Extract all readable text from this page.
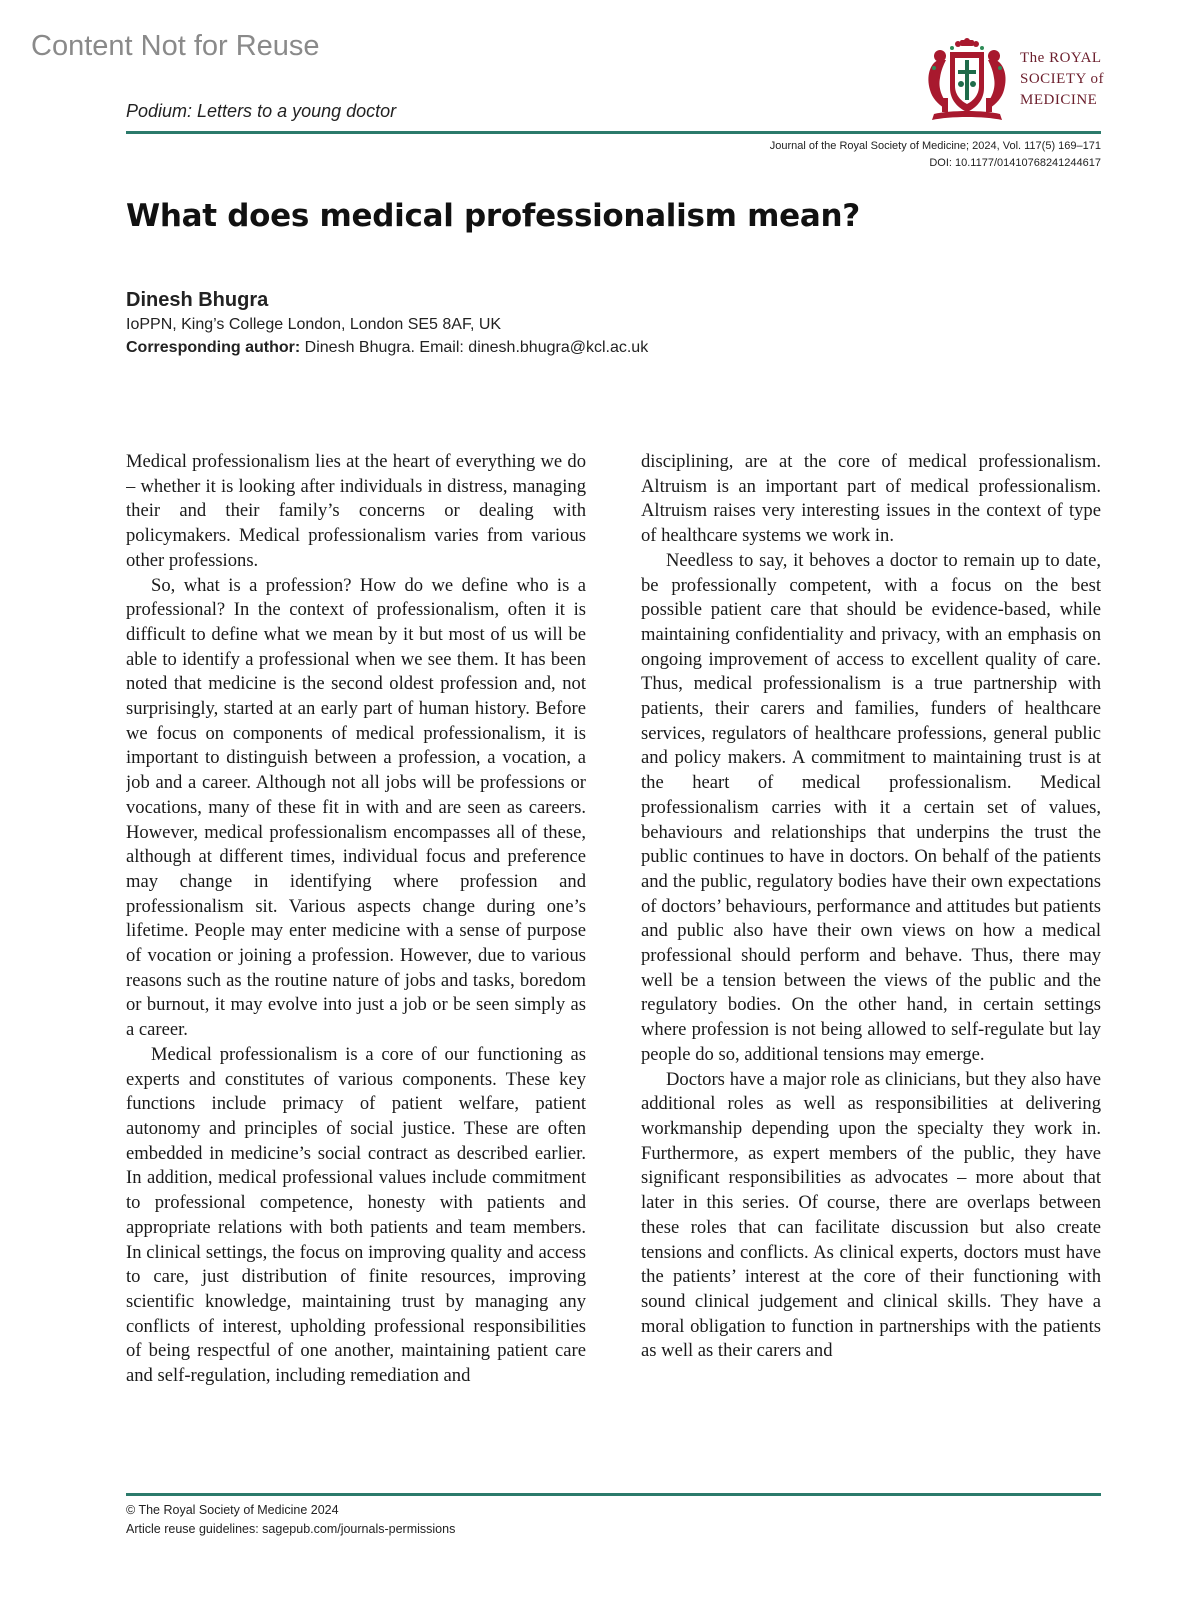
Content Not for Reuse

Podium: Letters to a young doctor
The ROYAL
SOCIETY of
MEDICINE
Journal of the Royal Society of Medicine; 2024, Vol. 117(5) 169–171
DOI: 10.1177/01410768241244617
What does medical professionalism mean?
Dinesh Bhugra
IoPPN, King’s College London, London SE5 8AF, UK
Corresponding author: Dinesh Bhugra. Email: dinesh.bhugra@kcl.ac.uk

Medical professionalism lies at the heart of everything we do – whether it is looking after individuals in distress, managing their and their family’s concerns or dealing with policymakers. Medical professionalism varies from various other professions.

So, what is a profession? How do we define who is a professional? In the context of professionalism, often it is difficult to define what we mean by it but most of us will be able to identify a professional when we see them. It has been noted that medicine is the second oldest profession and, not surprisingly, started at an early part of human history. Before we focus on components of medical professionalism, it is important to distinguish between a profession, a vocation, a job and a career. Although not all jobs will be professions or vocations, many of these fit in with and are seen as careers. However, medical professionalism encompasses all of these, although at different times, individual focus and preference may change in identifying where profession and professionalism sit. Various aspects change during one’s lifetime. People may enter medicine with a sense of purpose of vocation or joining a profession. However, due to various reasons such as the routine nature of jobs and tasks, boredom or burnout, it may evolve into just a job or be seen simply as a career.

Medical professionalism is a core of our functioning as experts and constitutes of various components. These key functions include primacy of patient welfare, patient autonomy and principles of social justice. These are often embedded in medicine’s social contract as described earlier. In addition, medical professional values include commitment to professional competence, honesty with patients and appropriate relations with both patients and team members. In clinical settings, the focus on improving quality and access to care, just distribution of finite resources, improving scientific knowledge, maintaining trust by managing any conflicts of interest, upholding professional responsibilities of being respectful of one another, maintaining patient care and self-regulation, including remediation and

disciplining, are at the core of medical professionalism. Altruism is an important part of medical professionalism. Altruism raises very interesting issues in the context of type of healthcare systems we work in.

Needless to say, it behoves a doctor to remain up to date, be professionally competent, with a focus on the best possible patient care that should be evidence-based, while maintaining confidentiality and privacy, with an emphasis on ongoing improvement of access to excellent quality of care. Thus, medical professionalism is a true partnership with patients, their carers and families, funders of healthcare services, regulators of healthcare professions, general public and policy makers. A commitment to maintaining trust is at the heart of medical professionalism. Medical professionalism carries with it a certain set of values, behaviours and relationships that underpins the trust the public continues to have in doctors. On behalf of the patients and the public, regulatory bodies have their own expectations of doctors’ behaviours, performance and attitudes but patients and public also have their own views on how a medical professional should perform and behave. Thus, there may well be a tension between the views of the public and the regulatory bodies. On the other hand, in certain settings where profession is not being allowed to self-regulate but lay people do so, additional tensions may emerge.

Doctors have a major role as clinicians, but they also have additional roles as well as responsibilities at delivering workmanship depending upon the specialty they work in. Furthermore, as expert members of the public, they have significant responsibilities as advocates – more about that later in this series. Of course, there are overlaps between these roles that can facilitate discussion but also create tensions and conflicts. As clinical experts, doctors must have the patients’ interest at the core of their functioning with sound clinical judgement and clinical skills. They have a moral obligation to function in partnerships with the patients as well as their carers and

© The Royal Society of Medicine 2024
Article reuse guidelines: sagepub.com/journals-permissions
